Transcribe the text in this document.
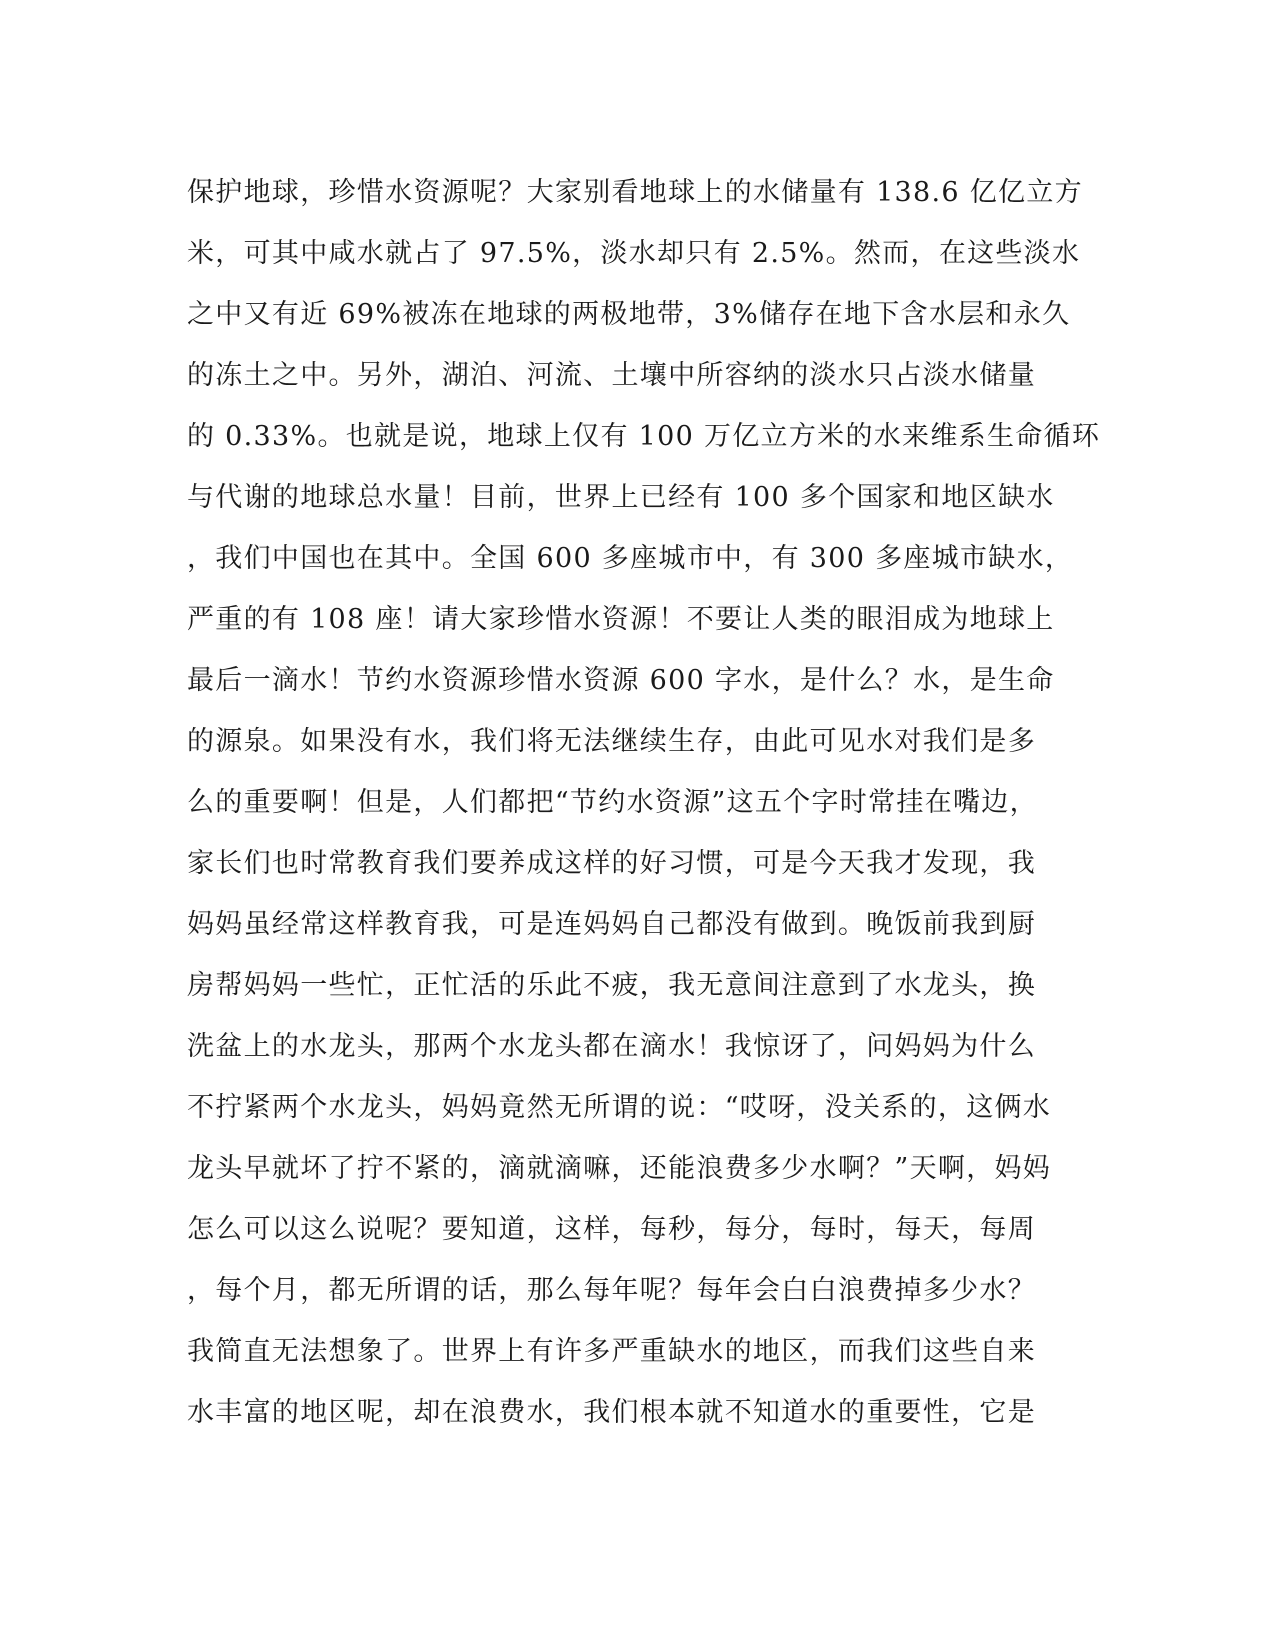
保护地球，珍惜水资源呢？大家别看地球上的水储量有 138.6 亿亿立方
米，可其中咸水就占了 97.5%，淡水却只有 2.5%。然而，在这些淡水
之中又有近 69%被冻在地球的两极地带，3%储存在地下含水层和永久
的冻土之中。另外，湖泊、河流、土壤中所容纳的淡水只占淡水储量
的 0.33%。也就是说，地球上仅有 100 万亿立方米的水来维系生命循环
与代谢的地球总水量！目前，世界上已经有 100 多个国家和地区缺水
，我们中国也在其中。全国 600 多座城市中，有 300 多座城市缺水，
严重的有 108 座！请大家珍惜水资源！不要让人类的眼泪成为地球上
最后一滴水！节约水资源珍惜水资源 600 字水，是什么？水，是生命
的源泉。如果没有水，我们将无法继续生存，由此可见水对我们是多
么的重要啊！但是，人们都把“节约水资源”这五个字时常挂在嘴边，
家长们也时常教育我们要养成这样的好习惯，可是今天我才发现，我
妈妈虽经常这样教育我，可是连妈妈自己都没有做到。晚饭前我到厨
房帮妈妈一些忙，正忙活的乐此不疲，我无意间注意到了水龙头，换
洗盆上的水龙头，那两个水龙头都在滴水！我惊讶了，问妈妈为什么
不拧紧两个水龙头，妈妈竟然无所谓的说：“哎呀，没关系的，这俩水
龙头早就坏了拧不紧的，滴就滴嘛，还能浪费多少水啊？”天啊，妈妈
怎么可以这么说呢？要知道，这样，每秒，每分，每时，每天，每周
，每个月，都无所谓的话，那么每年呢？每年会白白浪费掉多少水？
我简直无法想象了。世界上有许多严重缺水的地区，而我们这些自来
水丰富的地区呢，却在浪费水，我们根本就不知道水的重要性，它是
